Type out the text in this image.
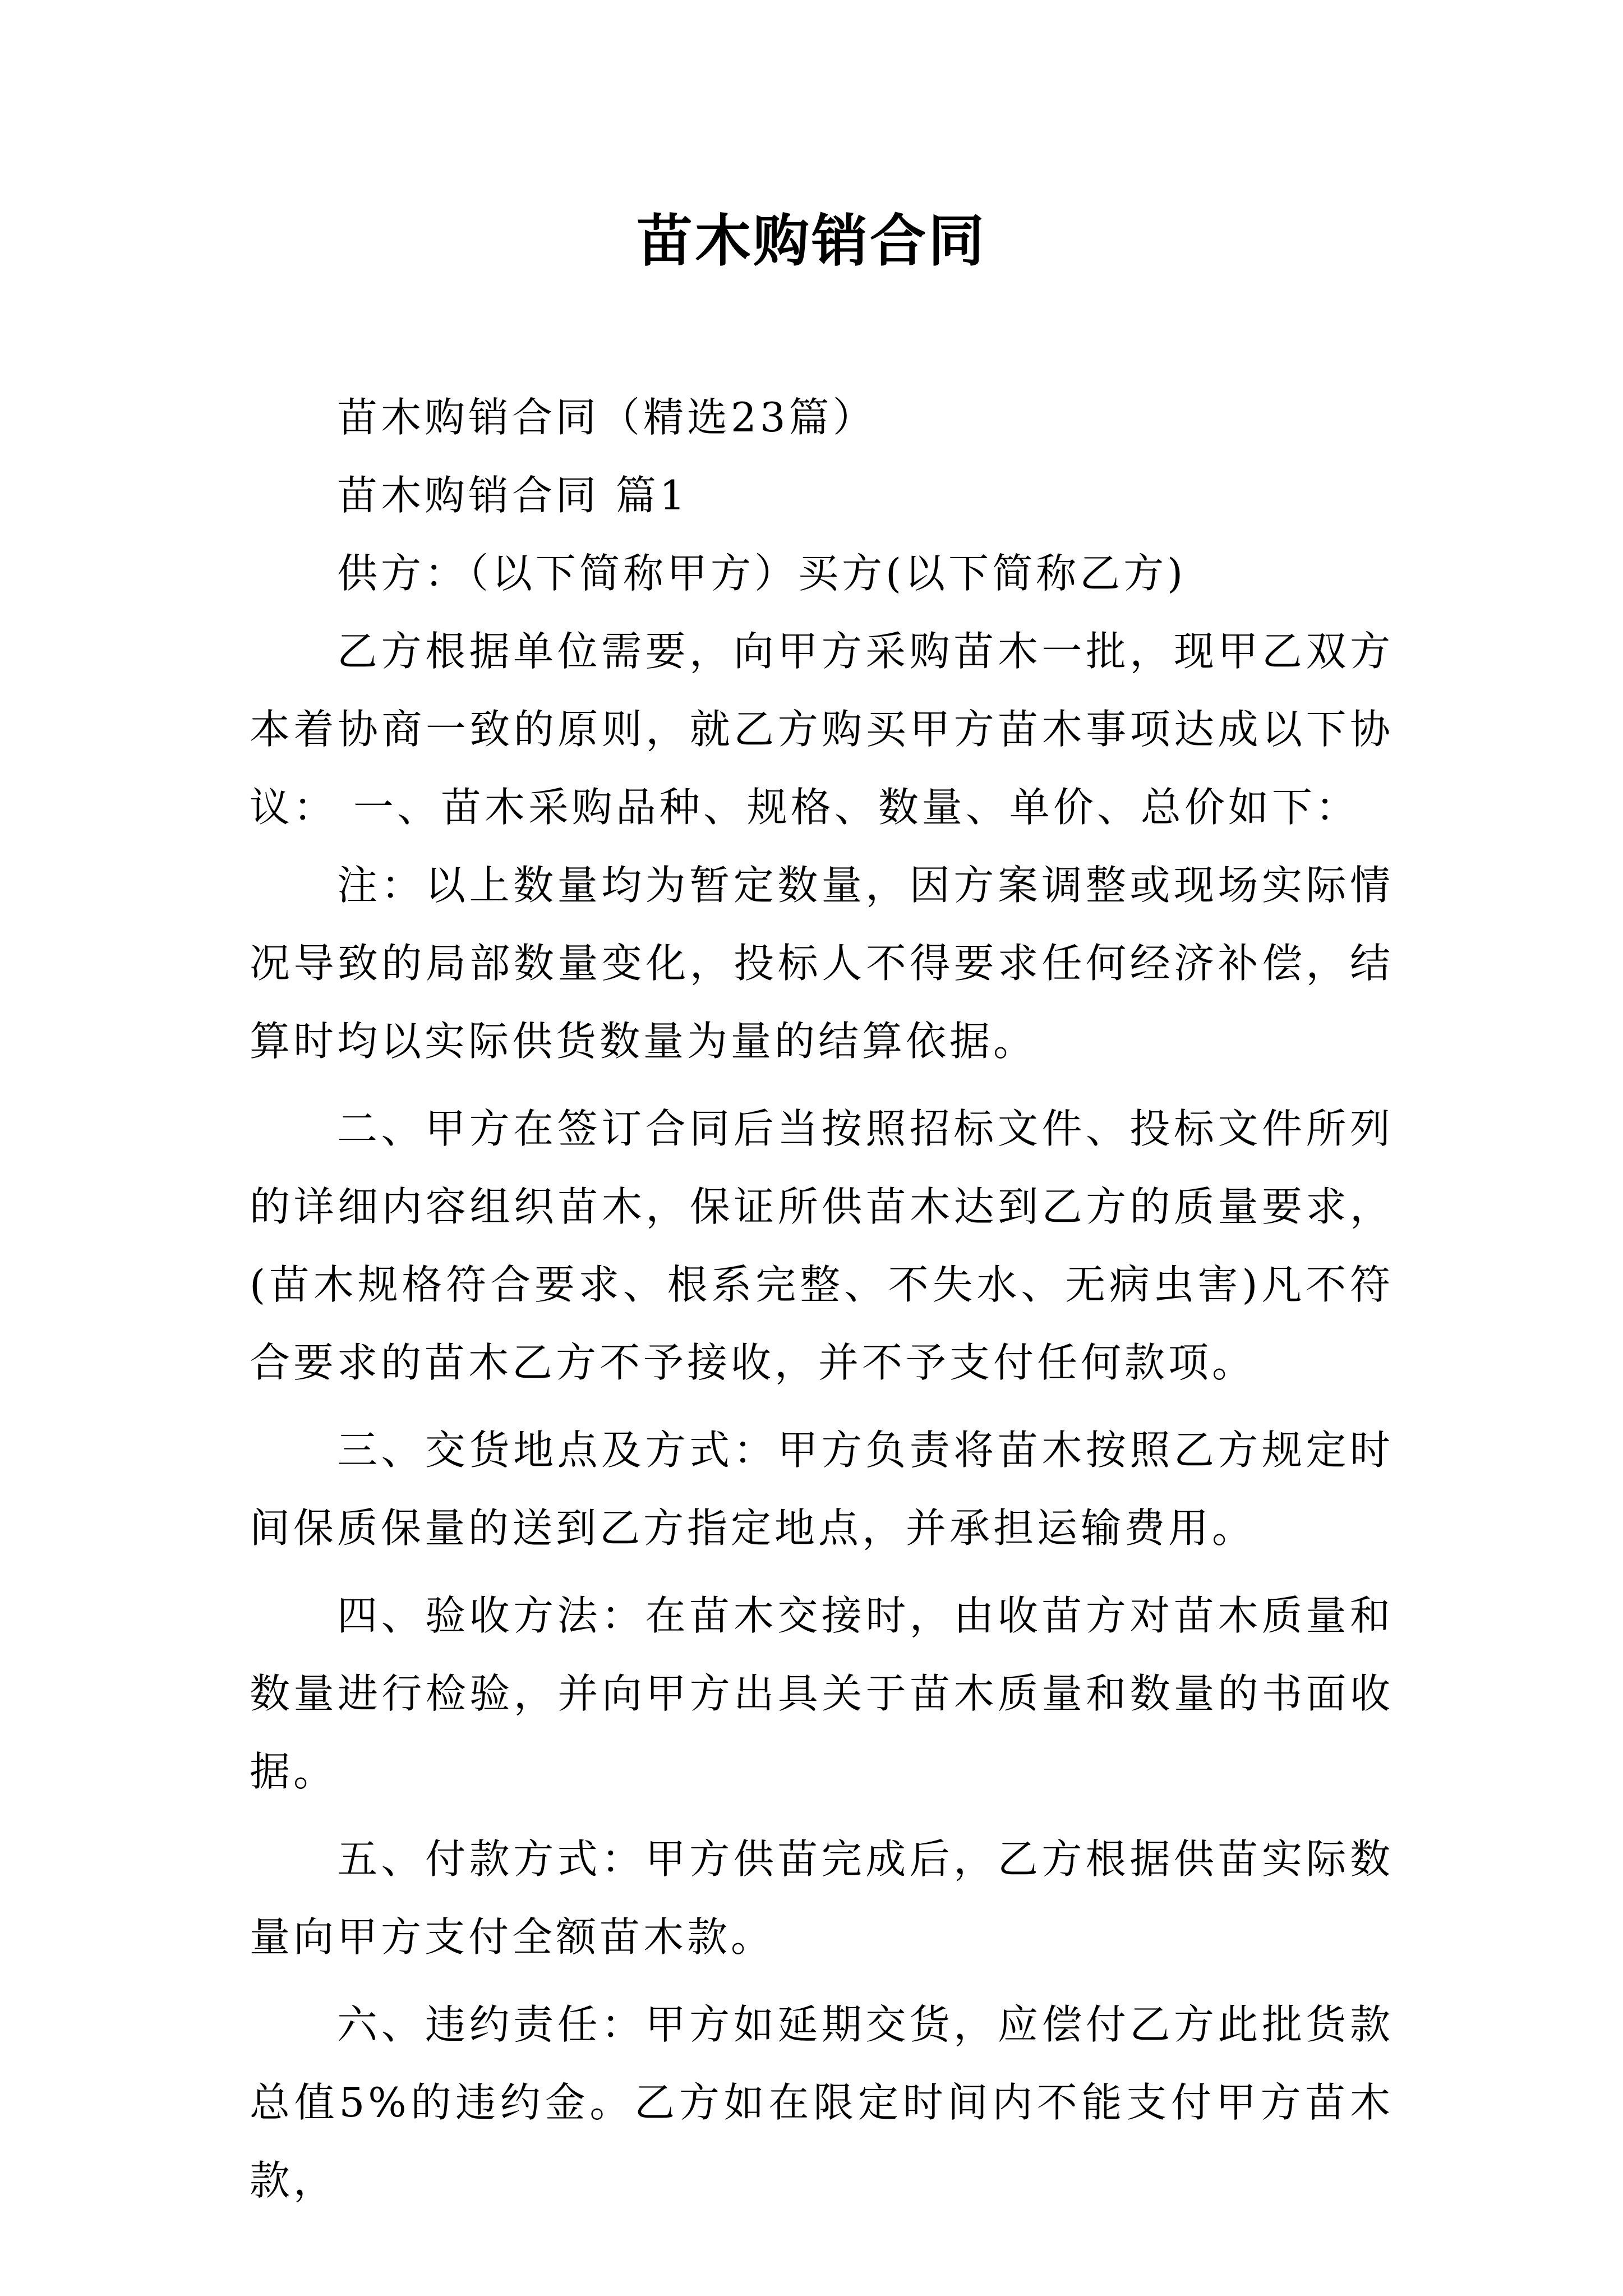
苗木购销合同

苗木购销合同（精选23篇）

苗木购销合同 篇1

供方：（以下简称甲方）买方(以下简称乙方)

乙方根据单位需要，向甲方采购苗木一批，现甲乙双方本着协商一致的原则，就乙方购买甲方苗木事项达成以下协议： 一、苗木采购品种、规格、数量、单价、总价如下：

注：以上数量均为暂定数量，因方案调整或现场实际情况导致的局部数量变化，投标人不得要求任何经济补偿，结算时均以实际供货数量为量的结算依据。

二、甲方在签订合同后当按照招标文件、投标文件所列的详细内容组织苗木，保证所供苗木达到乙方的质量要求，(苗木规格符合要求、根系完整、不失水、无病虫害)凡不符合要求的苗木乙方不予接收，并不予支付任何款项。

三、交货地点及方式：甲方负责将苗木按照乙方规定时间保质保量的送到乙方指定地点，并承担运输费用。

四、验收方法：在苗木交接时，由收苗方对苗木质量和数量进行检验，并向甲方出具关于苗木质量和数量的书面收据。

五、付款方式：甲方供苗完成后，乙方根据供苗实际数量向甲方支付全额苗木款。

六、违约责任：甲方如延期交货，应偿付乙方此批货款总值5%的违约金。乙方如在限定时间内不能支付甲方苗木款，
